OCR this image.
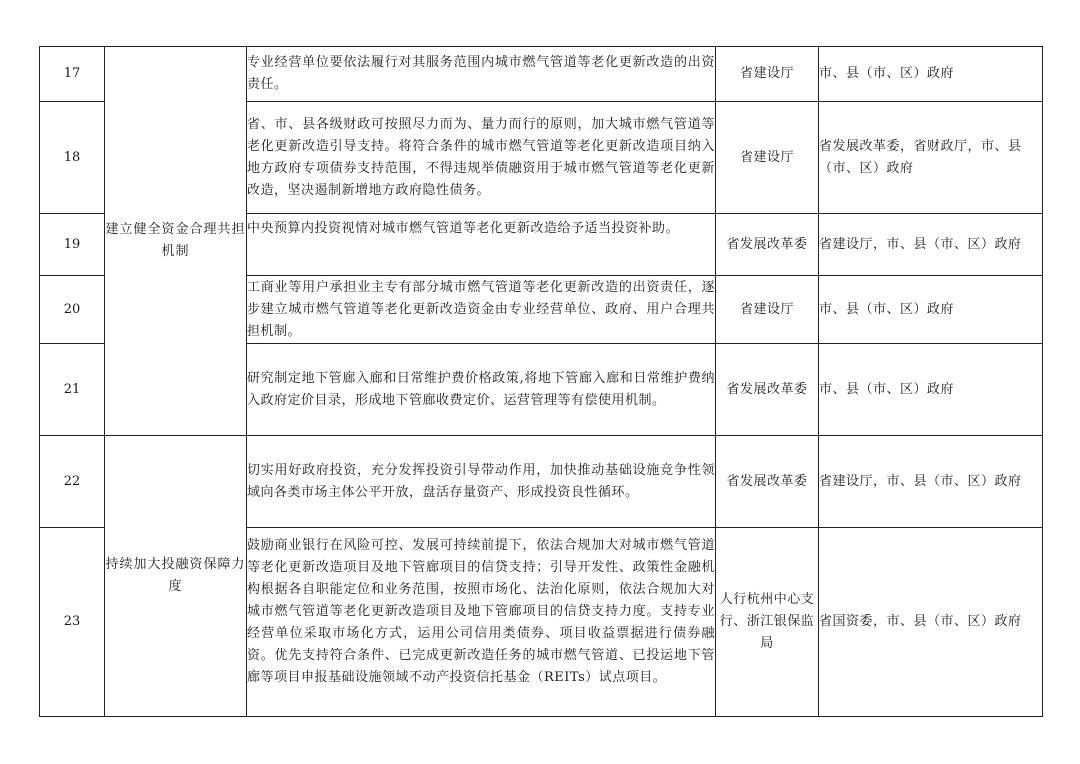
17	建立健全资金合理共担机制	专业经营单位要依法履行对其服务范围内城市燃气管道等老化更新改造的出资责任。	省建设厅	市、县（市、区）政府
18		省、市、县各级财政可按照尽力而为、量力而行的原则，加大城市燃气管道等老化更新改造引导支持。将符合条件的城市燃气管道等老化更新改造项目纳入地方政府专项债券支持范围，不得违规举债融资用于城市燃气管道等老化更新改造，坚决遏制新增地方政府隐性债务。	省建设厅	省发展改革委，省财政厅，市、县（市、区）政府
19		中央预算内投资视情对城市燃气管道等老化更新改造给予适当投资补助。	省发展改革委	省建设厅，市、县（市、区）政府
20		工商业等用户承担业主专有部分城市燃气管道等老化更新改造的出资责任，逐步建立城市燃气管道等老化更新改造资金由专业经营单位、政府、用户合理共担机制。	省建设厅	市、县（市、区）政府
21		研究制定地下管廊入廊和日常维护费价格政策,将地下管廊入廊和日常维护费纳入政府定价目录，形成地下管廊收费定价、运营管理等有偿使用机制。	省发展改革委	市、县（市、区）政府
22	持续加大投融资保障力度	切实用好政府投资，充分发挥投资引导带动作用，加快推动基础设施竞争性领域向各类市场主体公平开放，盘活存量资产、形成投资良性循环。	省发展改革委	省建设厅，市、县（市、区）政府
23		鼓励商业银行在风险可控、发展可持续前提下，依法合规加大对城市燃气管道等老化更新改造项目及地下管廊项目的信贷支持；引导开发性、政策性金融机构根据各自职能定位和业务范围，按照市场化、法治化原则，依法合规加大对城市燃气管道等老化更新改造项目及地下管廊项目的信贷支持力度。支持专业经营单位采取市场化方式，运用公司信用类债券、项目收益票据进行债券融资。优先支持符合条件、已完成更新改造任务的城市燃气管道、已投运地下管廊等项目申报基础设施领域不动产投资信托基金（REITs）试点项目。	人行杭州中心支行、浙江银保监局	省国资委，市、县（市、区）政府
